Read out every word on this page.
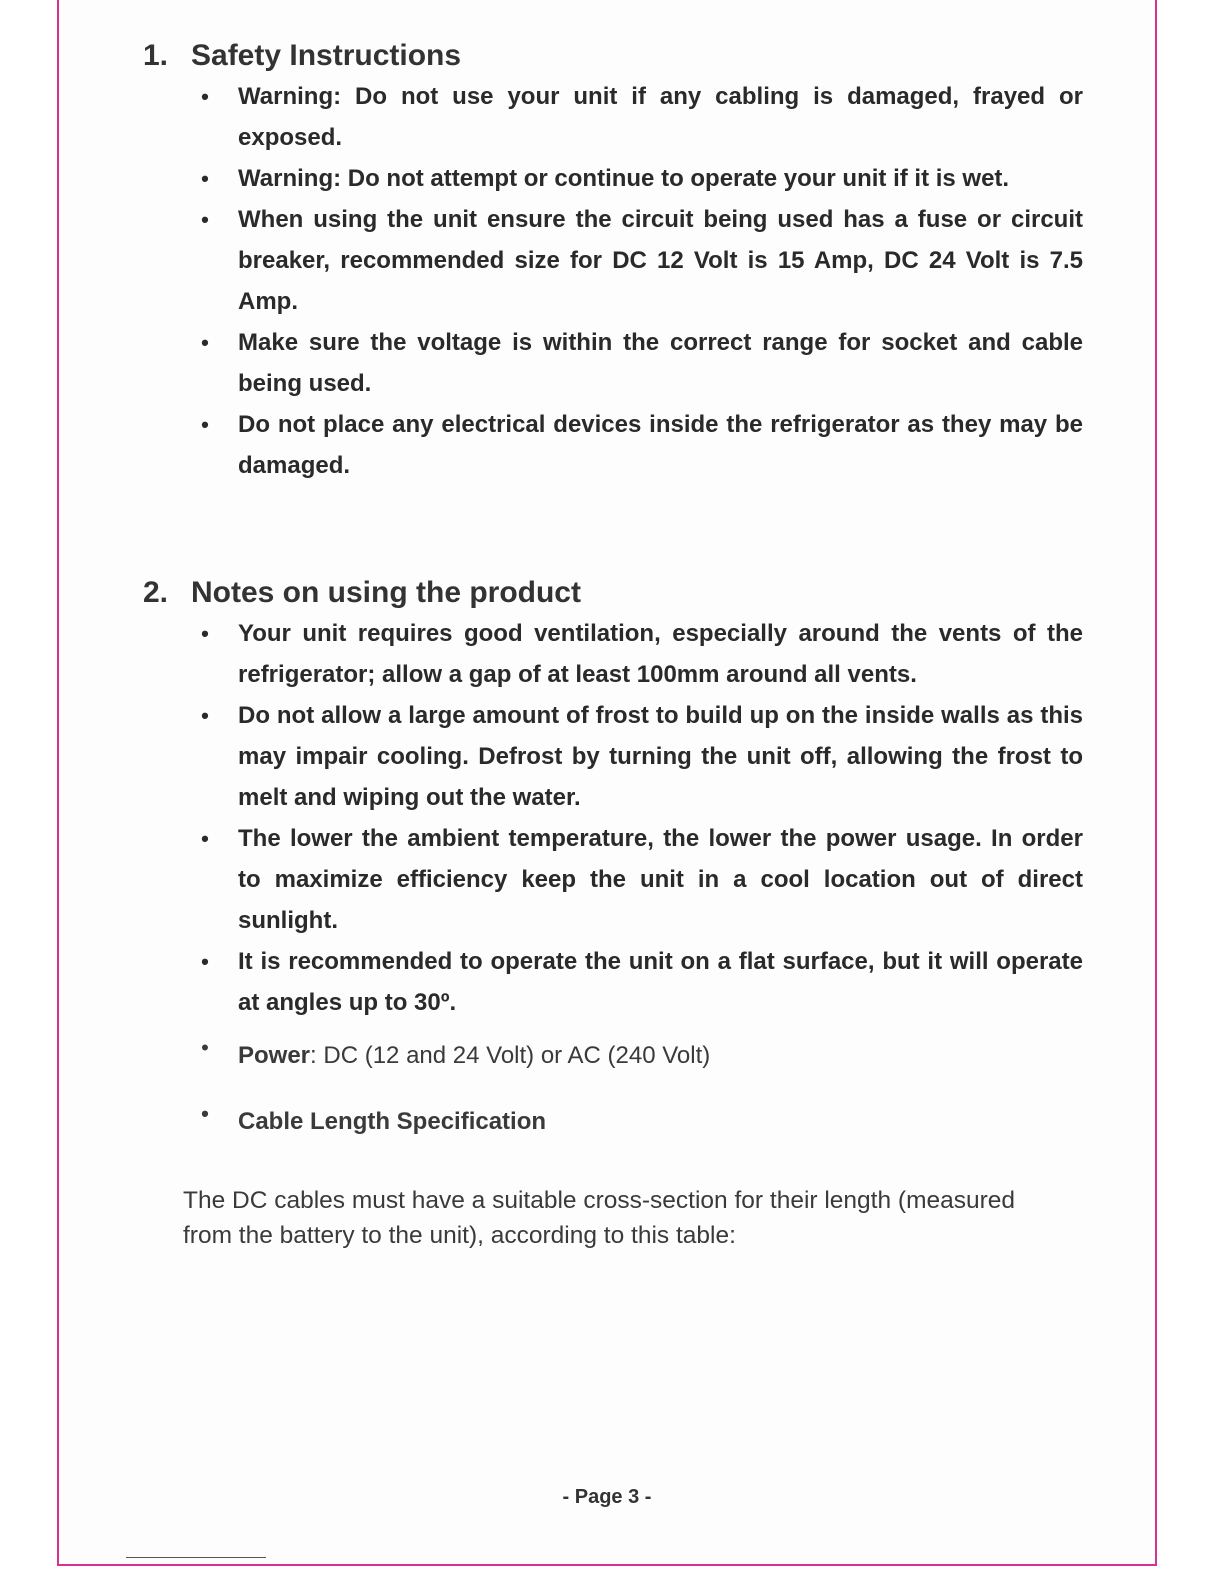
1. Safety Instructions
• Warning: Do not use your unit if any cabling is damaged, frayed or exposed.
• Warning: Do not attempt or continue to operate your unit if it is wet.
• When using the unit ensure the circuit being used has a fuse or circuit breaker, recommended size for DC 12 Volt is 15 Amp, DC 24 Volt is 7.5 Amp.
• Make sure the voltage is within the correct range for socket and cable being used.
• Do not place any electrical devices inside the refrigerator as they may be damaged.
2. Notes on using the product
• Your unit requires good ventilation, especially around the vents of the refrigerator; allow a gap of at least 100mm around all vents.
• Do not allow a large amount of frost to build up on the inside walls as this may impair cooling. Defrost by turning the unit off, allowing the frost to melt and wiping out the water.
• The lower the ambient temperature, the lower the power usage. In order to maximize efficiency keep the unit in a cool location out of direct sunlight.
• It is recommended to operate the unit on a flat surface, but it will operate at angles up to 30º.
• Power: DC (12 and 24 Volt) or AC (240 Volt)
• Cable Length Specification

The DC cables must have a suitable cross-section for their length (measured from the battery to the unit), according to this table:

- Page 3 -
